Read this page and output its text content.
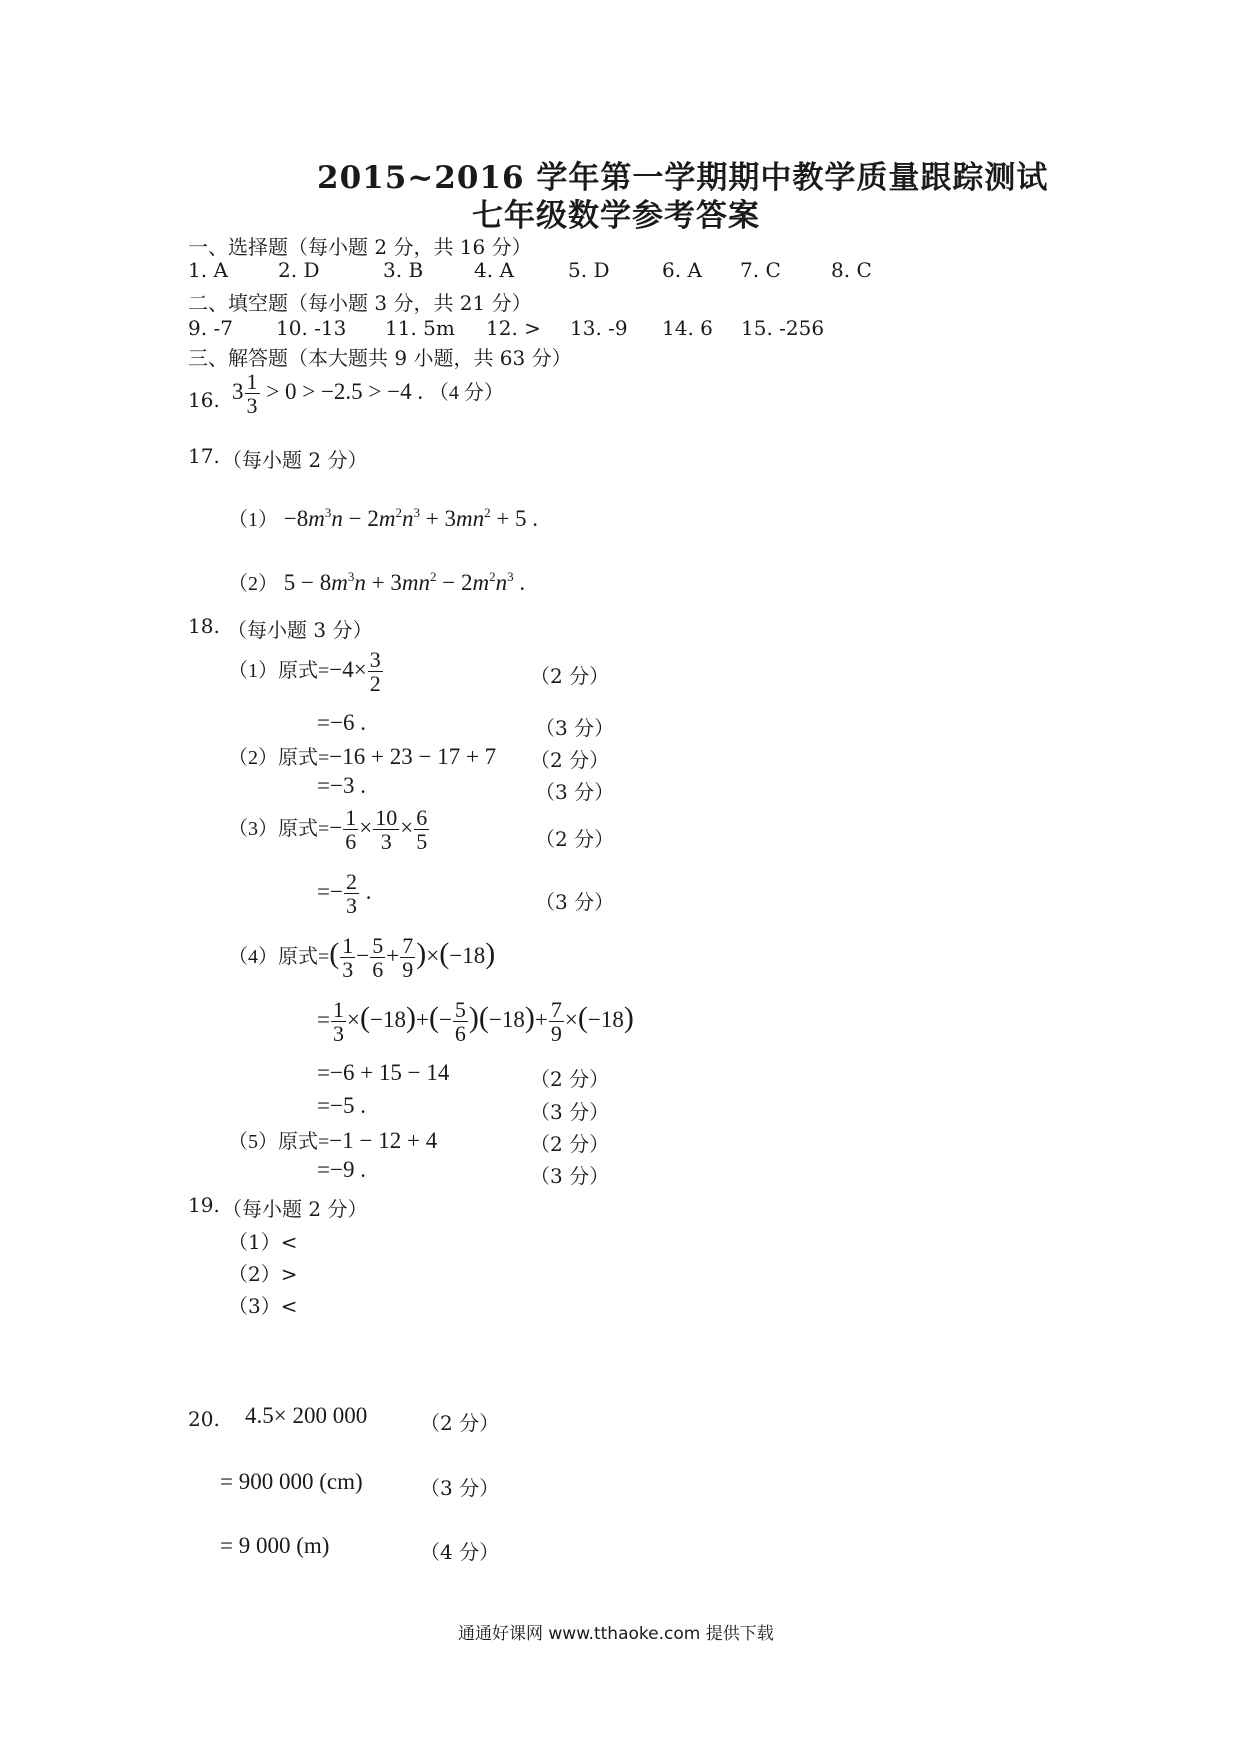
2015~2016 学年第一学期期中教学质量跟踪测试
七年级数学参考答案
一、选择题（每小题 2 分，共 16 分）
1. A	2. D	3. B	4. A	5. D	6. A 7. C	8. C
二、填空题（每小题 3 分，共 21 分）
9. -7 10. -13 11. 5m 12. > 13. -9 14. 6 15. -256
三、解答题（本大题共 9 小题，共 63 分）
16. $3 \frac{1}{3} > 0 > -2.5 > -4$ . （4 分）
17. （每小题 2 分）
$(1) -8m^3n - 2m^2n^3 + 3mn^2 + 5$ .
（2） $5 - 8m^3n + 3mn^2 - 2m^2n^3$ .
18. （每小题 3 分）
（1）原式$=-4\times \frac{3}{2}$	（2 分）
=−6 .	（3 分）
（2）原式=−16 + 23 − 17 + 7 （2 分）
=−3 .	（3 分）
（3）原式=− $\frac{1}{6} \times \frac{10}{3} \times \frac{6}{5}$	（2 分）
=− $\frac{2}{3}$ .	（3 分）
（4）原式=( $\frac{1}{3} - \frac{5}{6} + \frac{7}{9} )\times(-18)$
= $\frac{1}{3} \times(-18)+(- \frac{5}{6} )(-18)+ \frac{7}{9} \times(-18)$
=−6 + 15 − 14	（2 分）
=−5 .	（3 分）
（5）原式=−1 − 12 + 4	（2 分）
=−9 .	（3 分）
19. （每小题 2 分）
（1）<
（2）>
（3）<
20. 4.5× 200 000	（2 分）
= 900 000 (cm)	（3 分）
= 9 000 (m)	（4 分）
通通好课网 www.tthaoke.com 提供下载
